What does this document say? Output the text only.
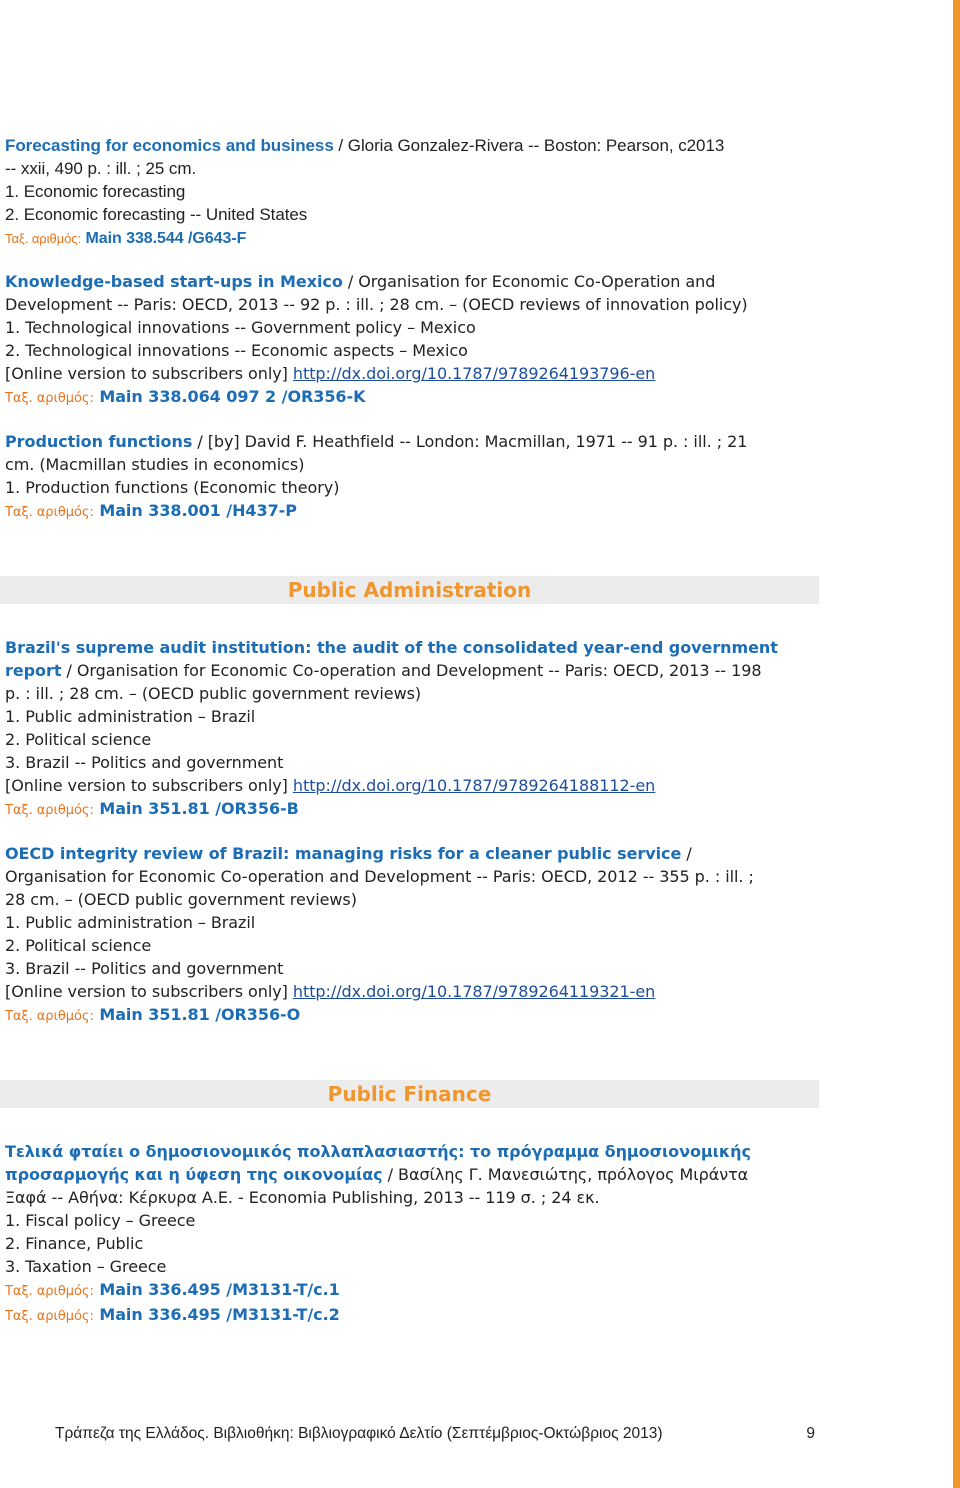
Forecasting for economics and business / Gloria Gonzalez-Rivera -- Boston: Pearson, c2013
-- xxii, 490 p. : ill. ; 25 cm.
1. Economic forecasting
2. Economic forecasting -- United States
Ταξ. αριθμός: Main 338.544 /G643-F
Knowledge-based start-ups in Mexico / Organisation for Economic Co-Operation and
Development -- Paris: OECD, 2013 -- 92 p. : ill. ; 28 cm. – (OECD reviews of innovation policy)
1. Technological innovations -- Government policy – Mexico
2. Technological innovations -- Economic aspects – Mexico
[Online version to subscribers only] http://dx.doi.org/10.1787/9789264193796-en
Ταξ. αριθμός: Main 338.064 097 2 /OR356-K
Production functions / [by] David F. Heathfield -- London: Macmillan, 1971 -- 91 p. : ill. ; 21
cm. (Macmillan studies in economics)
1. Production functions (Economic theory)
Ταξ. αριθμός: Main 338.001 /H437-P
Public Administration
Brazil's supreme audit institution: the audit of the consolidated year-end government
report / Organisation for Economic Co-operation and Development -- Paris: OECD, 2013 -- 198
p. : ill. ; 28 cm. – (OECD public government reviews)
1. Public administration – Brazil
2. Political science
3. Brazil -- Politics and government
[Online version to subscribers only] http://dx.doi.org/10.1787/9789264188112-en
Ταξ. αριθμός: Main 351.81 /OR356-B
OECD integrity review of Brazil: managing risks for a cleaner public service /
Organisation for Economic Co-operation and Development -- Paris: OECD, 2012 -- 355 p. : ill. ;
28 cm. – (OECD public government reviews)
1. Public administration – Brazil
2. Political science
3. Brazil -- Politics and government
[Online version to subscribers only] http://dx.doi.org/10.1787/9789264119321-en
Ταξ. αριθμός: Main 351.81 /OR356-O
Public Finance
Τελικά φταίει ο δημοσιονομικός πολλαπλασιαστής: το πρόγραμμα δημοσιονομικής
προσαρμογής και η ύφεση της οικονομίας / Βασίλης Γ. Μανεσιώτης, πρόλογος Μιράντα
Ξαφά -- Αθήνα: Κέρκυρα Α.Ε. - Economia Publishing, 2013 -- 119 σ. ; 24 εκ.
1. Fiscal policy – Greece
2. Finance, Public
3. Taxation – Greece
Ταξ. αριθμός: Main 336.495 /M3131-T/c.1
Ταξ. αριθμός: Main 336.495 /M3131-T/c.2
Τράπεζα της Ελλάδος. Βιβλιοθήκη: Βιβλιογραφικό Δελτίο (Σεπτέμβριος-Οκτώβριος 2013)	9
